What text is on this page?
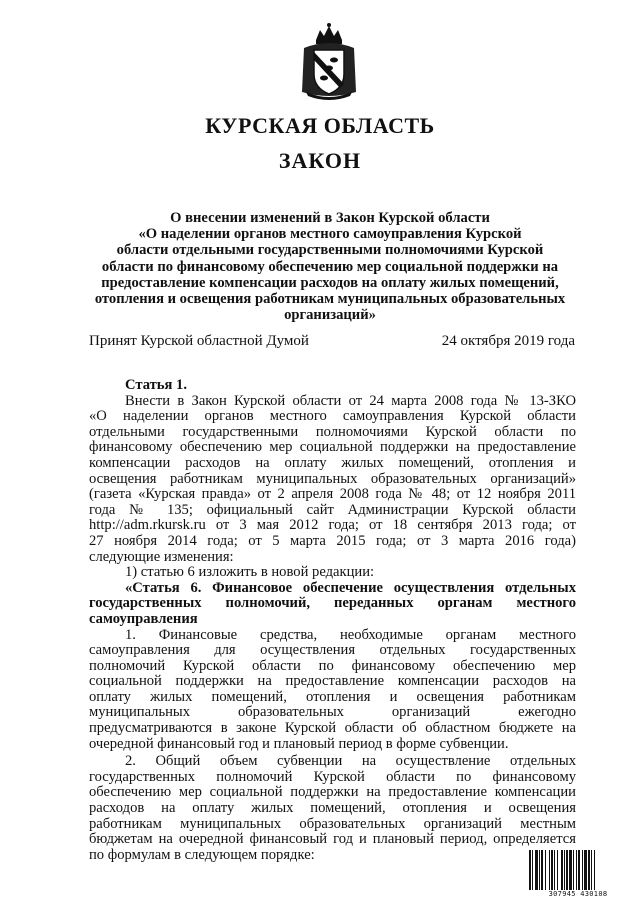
КУРСКАЯ ОБЛАСТЬ
ЗАКОН
О внесении изменений в Закон Курской области
«О наделении органов местного самоуправления Курской
области отдельными государственными полномочиями Курской
области по финансовому обеспечению мер социальной поддержки на
предоставление компенсации расходов на оплату жилых помещений,
отопления и освещения работникам муниципальных образовательных
организаций»
Принят Курской областной Думой	24 октября 2019 года
Статья 1.
Внести в Закон Курской области от 24 марта 2008 года № 13-ЗКО
«О наделении органов местного самоуправления Курской области
отдельными государственными полномочиями Курской области по
финансовому обеспечению мер социальной поддержки на предоставление
компенсации расходов на оплату жилых помещений, отопления и
освещения работникам муниципальных образовательных организаций»
(газета «Курская правда» от 2 апреля 2008 года № 48; от 12 ноября 2011
года № 135; официальный сайт Администрации Курской области
http://adm.rkursk.ru от 3 мая 2012 года; от 18 сентября 2013 года; от
27 ноября 2014 года; от 5 марта 2015 года; от 3 марта 2016 года)
следующие изменения:
1) статью 6 изложить в новой редакции:
«Статья 6. Финансовое обеспечение осуществления отдельных
государственных полномочий, переданных органам местного
самоуправления
1. Финансовые средства, необходимые органам местного
самоуправления для осуществления отдельных государственных
полномочий Курской области по финансовому обеспечению мер
социальной поддержки на предоставление компенсации расходов на
оплату жилых помещений, отопления и освещения работникам
муниципальных образовательных организаций ежегодно
предусматриваются в законе Курской области об областном бюджете на
очередной финансовый год и плановый период в форме субвенции.
2. Общий объем субвенции на осуществление отдельных
государственных полномочий Курской области по финансовому
обеспечению мер социальной поддержки на предоставление компенсации
расходов на оплату жилых помещений, отопления и освещения
работникам муниципальных образовательных организаций местным
бюджетам на очередной финансовый год и плановый период, определяется
по формулам в следующем порядке:
307945 430108
